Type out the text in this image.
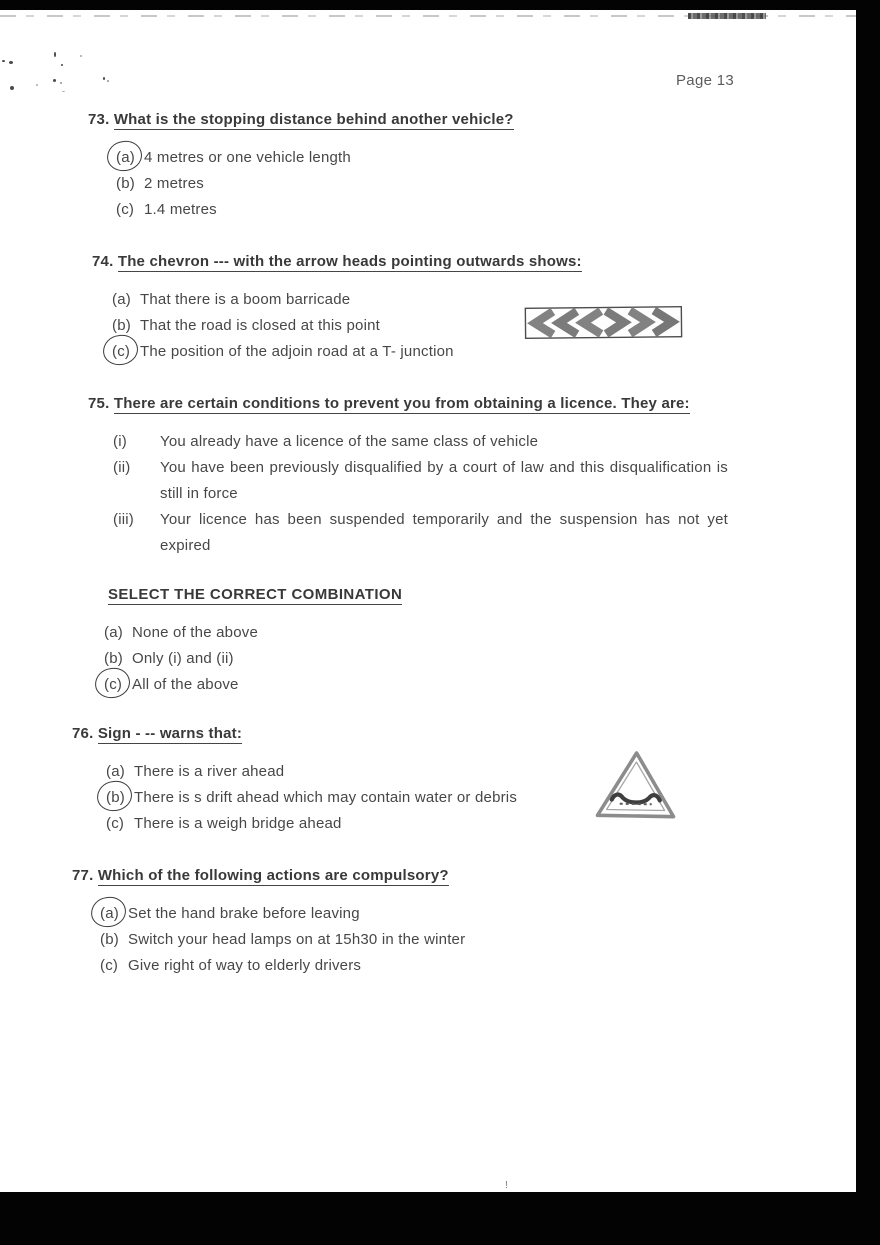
!
Page 13
73. What is the stopping distance behind another vehicle?
(a) 4 metres or one vehicle length
(b) 2 metres
(c) 1.4 metres
74. The chevron --- with the arrow heads pointing outwards shows:
(a) That there is a boom barricade
(b) That the road is closed at this point
(c) The position of the adjoin road at a T- junction
75. There are certain conditions to prevent you from obtaining a licence. They are:
(i)	You already have a licence of the same class of vehicle
(ii)	You have been previously disqualified by a court of law and this disqualification is still in force
(iii)	Your licence has been suspended temporarily and the suspension has not yet expired
SELECT THE CORRECT COMBINATION
(a) None of the above
(b) Only (i) and (ii)
(c) All of the above
76. Sign - -- warns that:
(a) There is a river ahead
(b) There is s drift ahead which may contain water or debris
(c) There is a weigh bridge ahead
77. Which of the following actions are compulsory?
(a) Set the hand brake before leaving
(b) Switch your head lamps on at 15h30 in the winter
(c) Give right of way to elderly drivers
